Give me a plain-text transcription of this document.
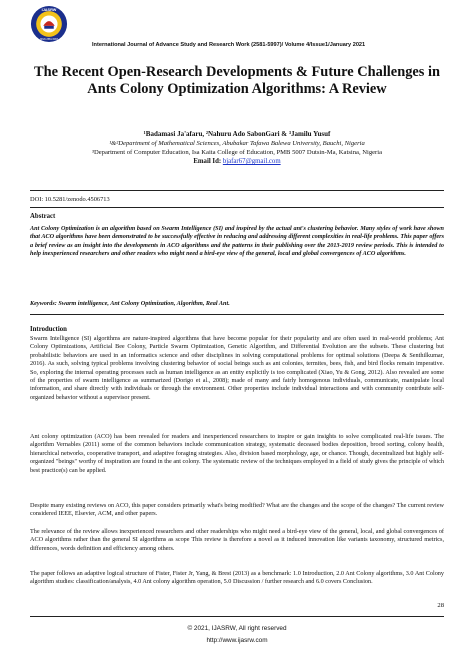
IJASRW
ISSN 2581-5997
International Journal of Advance Study and Research Work (2581-5997)/ Volume 4/Issue1/January 2021
The Recent Open-Research Developments & Future Challenges in Ants Colony Optimization Algorithms: A Review
¹Badamasi Ja'afaru, ²Nahuru Ado SabonGari & ³Jamilu Yusuf
¹&²Department of Mathematical Sciences, Abubakar Tafawa Balewa University, Bauchi, Nigeria
³Department of Computer Education, Isa Kaita College of Education, PMB 5007 Dutsin-Ma, Katsina, Nigeria
Email Id: bjafar67@gmail.com
DOI: 10.5281/zenodo.4506713
Abstract
Ant Colony Optimization is an algorithm based on Swarm Intelligence (SI) and inspired by the actual ant's clustering behavior. Many styles of work have shown that ACO algorithms have been demonstrated to be successfully effective in reducing and addressing different complexities in real-life problems. This paper offers a brief review as an insight into the developments in ACO algorithms and the patterns in their publishing over the 2013-2019 review periods. This is intended to help inexperienced researchers and other readers who might need a bird-eye view of the general, local and global convergences of ACO algorithms.
Keywords: Swarm intelligence, Ant Colony Optimization, Algorithm, Real Ant.
Introduction
Swarm Intelligence (SI) algorithms are nature-inspired algorithms that have become popular for their popularity and are often used in real-world problems; Ant Colony Optimizations, Artificial Bee Colony, Particle Swarm Optimization, Genetic Algorithm, and Differential Evolution are the subsets. These clustering but probabilistic behaviors are used in an informatics science and other disciplines in solving computational problems for optimal solutions (Deepa & Senthilkumar, 2016). As such, solving typical problems involving clustering behavior of social beings such as ant colonies, termites, bees, fish, and bird flocks remain imperative. So, exploring the internal operating processes such as human intelligence as an entity explicitly is too complicated (Xiao, Yu & Gong, 2012). Also revealed are some of the properties of swarm intelligence as summarized (Dorigo et al., 2008); made of many and fairly homogenous individuals, communicate, manipulate local information, and share directly with individuals or through the environment. Other properties include individual interactions and with community contribute self-organized behavior without a supervisor present.
Ant colony optimization (ACO) has been revealed for readers and inexperienced researchers to inspire or gain insights to solve complicated real-life issues. The algorithm Vernables (2011) some of the common behaviors include communication strategy, systematic deceased bodies deposition, brood sorting, colony health, hierarchical networks, cooperative transport, and adaptive foraging strategies. Also, division based morphology, age, or chance. Though, decentralized but highly self-organized "beings" worthy of inspiration are found in the ant colony. The systematic review of the techniques employed in a field of study gives the principle of which best practice(s) can be applied.
Despite many existing reviews on ACO, this paper considers primarily what's being modified? What are the changes and the scope of the changes? The current review considered IEEE, Elsevier, ACM, and other papers.
The relevance of the review allows inexperienced researchers and other readerships who might need a bird-eye view of the general, local, and global convergences of ACO algorithms rather than the general SI algorithms as scope This review is therefore a novel as it induced innovation like variants taxonomy, structured metrics, differences, words definition and efficiency among others.
The paper follows an adaptive logical structure of Fister, Fister Jr, Yang, & Brest (2013) as a benchmark: 1.0 Introduction, 2.0 Ant Colony algorithms, 3.0 Ant Colony algorithm studies: classification/analysis, 4.0 Ant colony algorithm operation, 5.0 Discussion / further research and 6.0 covers Conclusion.
28
© 2021, IJASRW, All right reserved
http://www.ijasrw.com
